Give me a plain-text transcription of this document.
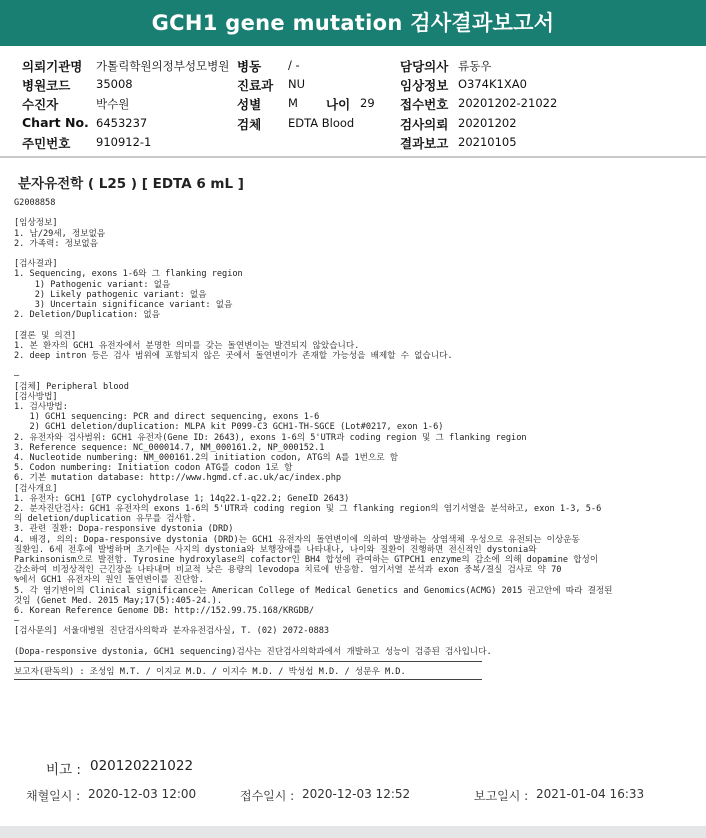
GCH1 gene mutation 검사결과보고서
의뢰기관명 가톨릭학원의정부성모병원 병동 / -	담당의사 류동우
병원코드 35008	진료과 NU	임상정보 O374K1XA0
수진자	박수원	성별 M 나이 29 접수번호 20201202-21022
Chart No. 6453237	검체 EDTA Blood	검사의뢰 20201202
주민번호 910912-1	결과보고 20210105
분자유전학 ( L25 ) [ EDTA 6 mL ]
G2008858
[임상정보]
1. 남/29세, 정보없음
2. 가족력: 정보없음
[검사결과]
1. Sequencing, exons 1-6와 그 flanking region
1) Pathogenic variant: 없음
2) Likely pathogenic variant: 없음
3) Uncertain significance variant: 없음
2. Deletion/Duplication: 없음
[결론 및 의견]
1. 본 환자의 GCH1 유전자에서 분명한 의미를 갖는 돌연변이는 발견되지 않았습니다.
2. deep intron 등은 검사 범위에 포함되지 않은 곳에서 돌연변이가 존재할 가능성을 배제할 수 없습니다.
—
[검체] Peripheral blood
[검사방법]
1. 검사방법:
1) GCH1 sequencing: PCR and direct sequencing, exons 1-6
2) GCH1 deletion/duplication: MLPA kit P099-C3 GCH1-TH-SGCE (Lot#0217, exon 1-6)
2. 유전자와 검사범위: GCH1 유전자(Gene ID: 2643), exons 1-6의 5'UTR과 coding region 및 그 flanking region
3. Reference sequence: NC_000014.7, NM_000161.2, NP_000152.1
4. Nucleotide numbering: NM_000161.2의 initiation codon, ATG의 A를 1번으로 함
5. Codon numbering: Initiation codon ATG를 codon 1로 함
6. 기본 mutation database: http://www.hgmd.cf.ac.uk/ac/index.php
[검사개요]
1. 유전자: GCH1 [GTP cyclohydrolase 1; 14q22.1-q22.2; GeneID 2643)
2. 분자진단검사: GCH1 유전자의 exons 1-6의 5'UTR과 coding region 및 그 flanking region의 염기서열을 분석하고, exon 1-3, 5-6
의 deletion/duplication 유무를 검사함.
3. 관련 질환: Dopa-responsive dystonia (DRD)
4. 배경, 의의: Dopa-responsive dystonia (DRD)는 GCH1 유전자의 돌연변이에 의하여 발생하는 상염색체 우성으로 유전되는 이상운동
질환임. 6세 전후에 발병하며 초기에는 사지의 dystonia와 보행장애를 나타내나, 나이와 질환이 진행하면 전신적인 dystonia와
Parkinsonism으로 발전함. Tyrosine hydroxylase의 cofactor인 BH4 합성에 관여하는 GTPCH1 enzyme의 감소에 의해 dopamine 합성이
감소하여 비정상적인 근긴장을 나타내며 비교적 낮은 용량의 levodopa 치료에 반응함. 염기서열 분석과 exon 중복/결실 검사로 약 70
%에서 GCH1 유전자의 원인 돌연변이를 진단함.
5. 각 염기변이의 Clinical significance는 American College of Medical Genetics and Genomics(ACMG) 2015 권고안에 따라 결정된
것임 (Genet Med. 2015 May;17(5):405-24.).
6. Korean Reference Genome DB: http://152.99.75.168/KRGDB/
—
[검사문의] 서울대병원 진단검사의학과 분자유전검사실, T. (02) 2072-0883
(Dopa-responsive dystonia, GCH1 sequencing)검사는 진단검사의학과에서 개발하고 성능이 검증된 검사입니다.
보고자(판독의) : 조성임 M.T. / 이지교 M.D. / 이지수 M.D. / 박성섭 M.D. / 성문우 M.D.
비고 : 020120221022
채혈일시 : 2020-12-03 12:00	접수일시 : 2020-12-03 12:52	보고일시 : 2021-01-04 16:33
